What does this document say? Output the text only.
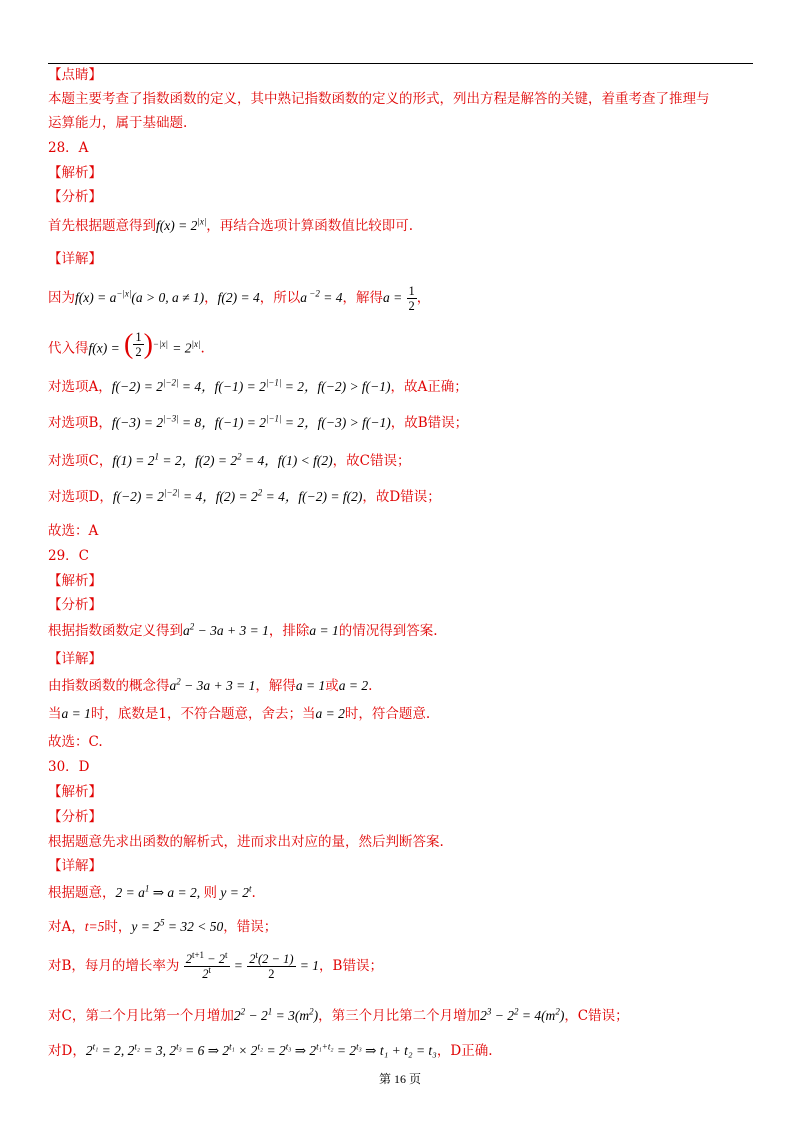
【点睛】
本题主要考查了指数函数的定义，其中熟记指数函数的定义的形式，列出方程是解答的关键，着重考查了推理与
运算能力，属于基础题.
28．A
【解析】
【分析】
首先根据题意得到$f(x) = 2^{|x|}$，再结合选项计算函数值比较即可.
【详解】
因为$f(x) = a^{-|x|}(a > 0$, a ≠ 1)，f(2) = 4，所以a $^{-2}$ = 4，解得$a = \frac{1}{2}$ ，
代入得f(x) = ( $\frac{1}{2}$ ) $^{-|x|} = 2^{|x|}$.
对选项A，$f(-2) = 2^{|-2|} = 4$，$f(-1) = 2^{|-1|} = 2$，f(−2) > f(−1)，故A正确；
对选项B，$f(-3) = 2^{|-3|} = 8$，$f(-1) = 2^{|-1|} = 2$，f(−3) > f(−1)，故B错误；
对选项C，$f(1) = 2^1 = 2$，$f(2) = 2^2 = 4$，f(1) < f(2)，故C错误；
对选项D，$f(-2) = 2^{|-2|} = 4$，$f(2) = 2^2 = 4$，f(−2) = f(2)，故D错误；
故选：A
29．C
【解析】
【分析】
根据指数函数定义得到$a^2 - 3a + 3 = 1$，排除a = 1的情况得到答案.
【详解】
由指数函数的概念得$a^2 - 3a + 3 = 1$，解得a = 1或a = 2.
当a = 1时，底数是1，不符合题意，舍去；当a = 2时，符合题意.
故选：C.
30．D
【解析】
【分析】
根据题意先求出函数的解析式，进而求出对应的量，然后判断答案.
【详解】
根据题意，$2 = a^1$ ⇒ a = 2, 则 $y = 2^t$.
对A，t=5时，$y = 2^5 = 32 < 50$，错误；
对B，每月的增长率为 $\frac{2^{t+1} - 2^t}{2^t} = \frac{2^t(2 - 1)}{2} = 1$，B错误；
对C，第二个月比第一个月增加$2^2 - 2^1 = 3(m^2)$，第三个月比第二个月增加$2^3 - 2^2 = 4(m^2)$，C错误；
对D，$2^{t_1} = 2$, $2^{t_2} = 3$, $2^{t_3} = 6$ ⇒ $2^{t_1} \times 2^{t_2} = 2^{t_3}$ ⇒ $2^{t_1+t_2} = 2^{t_3}$ ⇒ t₁ + t₂ = t₃，D正确.
第 16 页
